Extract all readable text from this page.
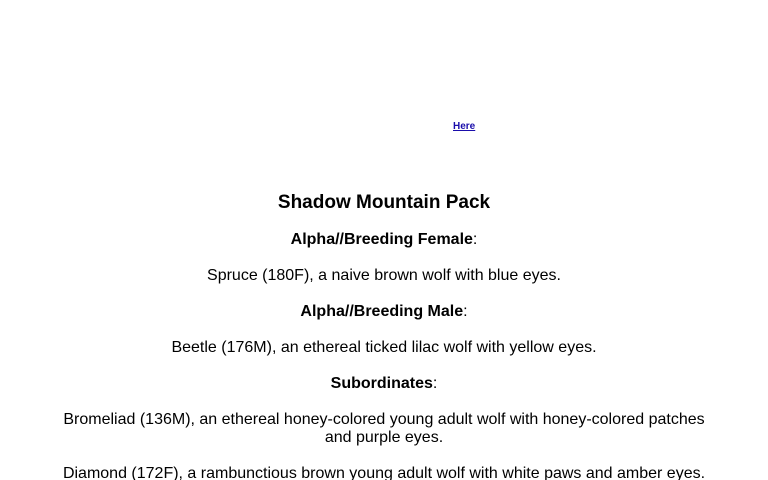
Here
Shadow Mountain Pack

Alpha//Breeding Female:

Spruce (180F), a naive brown wolf with blue eyes.

Alpha//Breeding Male:

Beetle (176M), an ethereal ticked lilac wolf with yellow eyes.

Subordinates:

Bromeliad (136M), an ethereal honey-colored young adult wolf with honey-colored patches and purple eyes.

Diamond (172F), a rambunctious brown young adult wolf with white paws and amber eyes.
